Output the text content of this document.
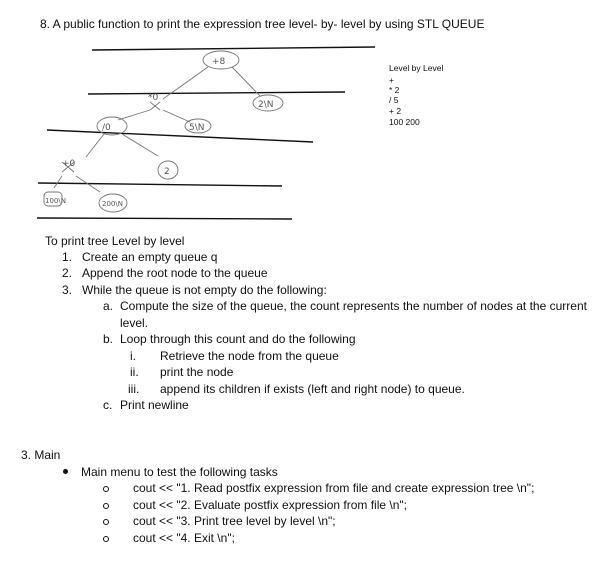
8. A public function to print the expression tree level- by- level by using STL QUEUE
+8
*0
2\N
/0	5\N
+0
2
100\N	200\N
Level by Level
+
* 2
/ 5
+ 2
100 200
To print tree Level by level
1. Create an empty queue q
2. Append the root node to the queue
3. While the queue is not empty do the following:
a. Compute the size of the queue, the count represents the number of nodes at the current
level.
b. Loop through this count and do the following
i. Retrieve the node from the queue
ii. print the node
iii. append its children if exists (left and right node) to queue.
c. Print newline
3. Main
Main menu to test the following tasks
cout << "1. Read postfix expression from file and create expression tree \n";
cout << "2. Evaluate postfix expression from file \n";
cout << "3. Print tree level by level \n";
cout << "4. Exit \n";
